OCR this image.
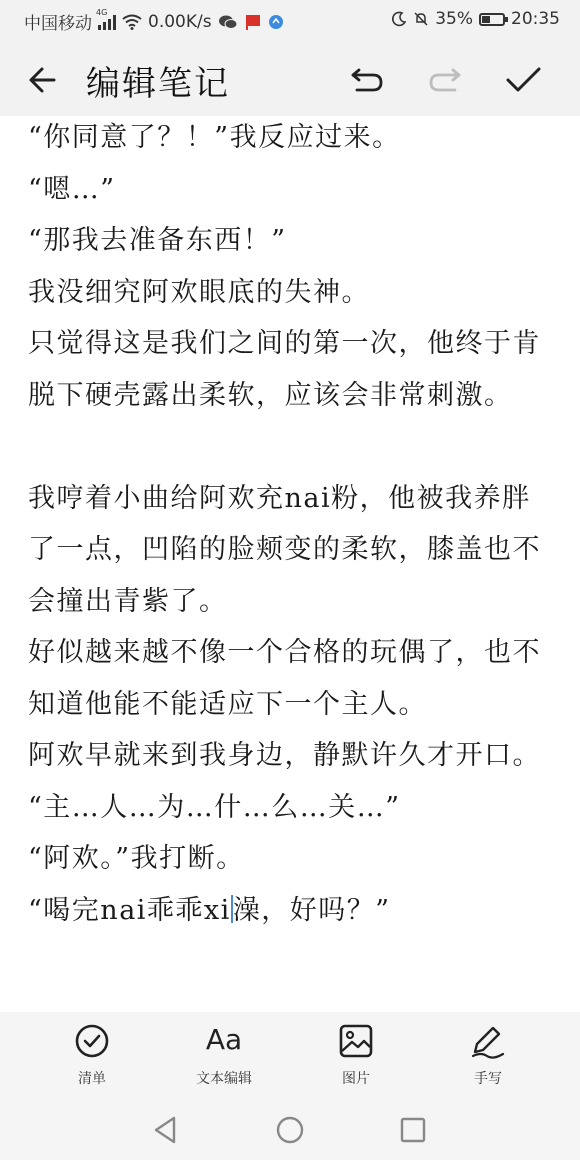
中国移动
4G 0.00K/s	35% 20:35
编辑笔记

“你同意了？！”我反应过来。

“嗯…”

“那我去准备东西！”

我没细究阿欢眼底的失神。

只觉得这是我们之间的第一次，他终于肯脱下硬壳露出柔软，应该会非常刺激。

我哼着小曲给阿欢充nai粉，他被我养胖了一点，凹陷的脸颊变的柔软，膝盖也不会撞出青紫了。

好似越来越不像一个合格的玩偶了，也不知道他能不能适应下一个主人。

阿欢早就来到我身边，静默许久才开口。

“主…人…为…什…么…关…”

“阿欢。”我打断。

“喝完nai乖乖xi澡，好吗？”

清单
Aa
文本编辑	图片	手写
